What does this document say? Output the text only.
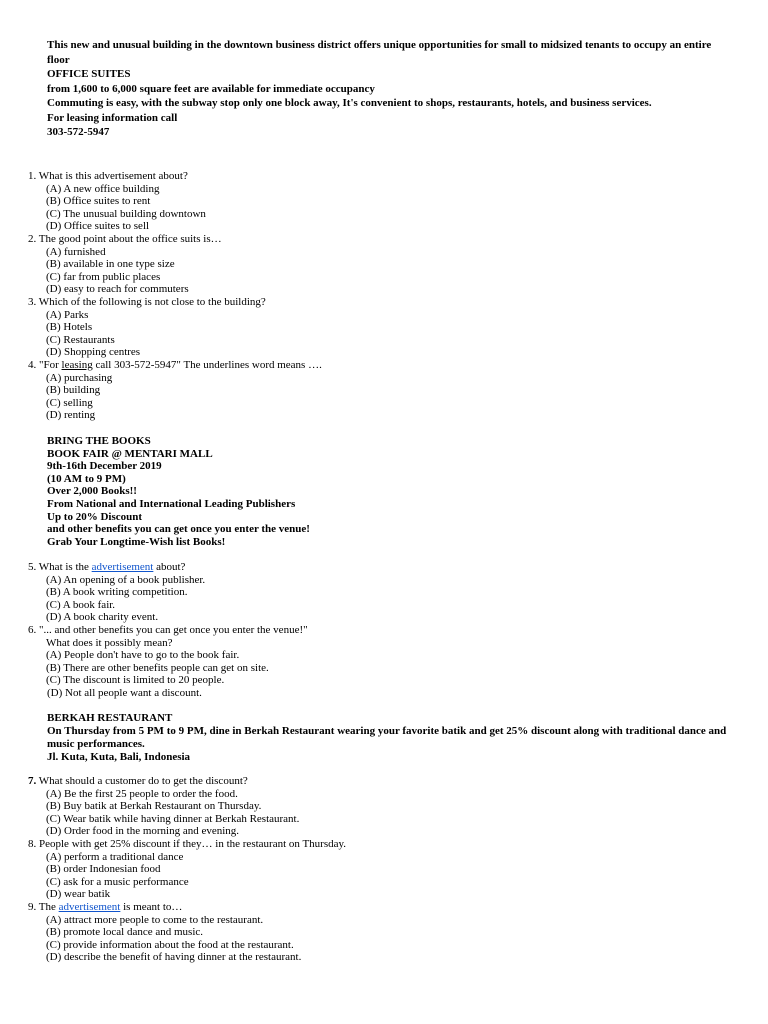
This new and unusual building in the downtown business district offers unique opportunities for small to midsized tenants to occupy an entire floor
OFFICE SUITES
from 1,600 to 6,000 square feet are available for immediate occupancy
Commuting is easy, with the subway stop only one block away, It's convenient to shops, restaurants, hotels, and business services.
For leasing information call
303-572-5947
1. What is this advertisement about?
(A) A new office building
(B) Office suites to rent
(C) The unusual building downtown
(D) Office suites to sell
2. The good point about the office suits is…
(A) furnished
(B) available in one type size
(C) far from public places
(D) easy to reach for commuters
3. Which of the following is not close to the building?
(A) Parks
(B) Hotels
(C) Restaurants
(D) Shopping centres
4. "For leasing call 303-572-5947" The underlines word means ….
(A) purchasing
(B) building
(C) selling
(D) renting
BRING THE BOOKS
BOOK FAIR @ MENTARI MALL
9th-16th December 2019
(10 AM to 9 PM)
Over 2,000 Books!!
From National and International Leading Publishers
Up to 20% Discount
and other benefits you can get once you enter the venue!
Grab Your Longtime-Wish list Books!
5. What is the advertisement about?
(A) An opening of a book publisher.
(B) A book writing competition.
(C) A book fair.
(D) A book charity event.
6. "... and other benefits you can get once you enter the venue!"
What does it possibly mean?
(A) People don't have to go to the book fair.
(B) There are other benefits people can get on site.
(C) The discount is limited to 20 people.
(D) Not all people want a discount.
BERKAH RESTAURANT
On Thursday from 5 PM to 9 PM, dine in Berkah Restaurant wearing your favorite batik and get 25% discount along with traditional dance and music performances.
Jl. Kuta, Kuta, Bali, Indonesia
7. What should a customer do to get the discount?
(A) Be the first 25 people to order the food.
(B) Buy batik at Berkah Restaurant on Thursday.
(C) Wear batik while having dinner at Berkah Restaurant.
(D) Order food in the morning and evening.
8. People with get 25% discount if they… in the restaurant on Thursday.
(A) perform a traditional dance
(B) order Indonesian food
(C) ask for a music performance
(D) wear batik
9. The advertisement is meant to…
(A) attract more people to come to the restaurant.
(B) promote local dance and music.
(C) provide information about the food at the restaurant.
(D) describe the benefit of having dinner at the restaurant.
